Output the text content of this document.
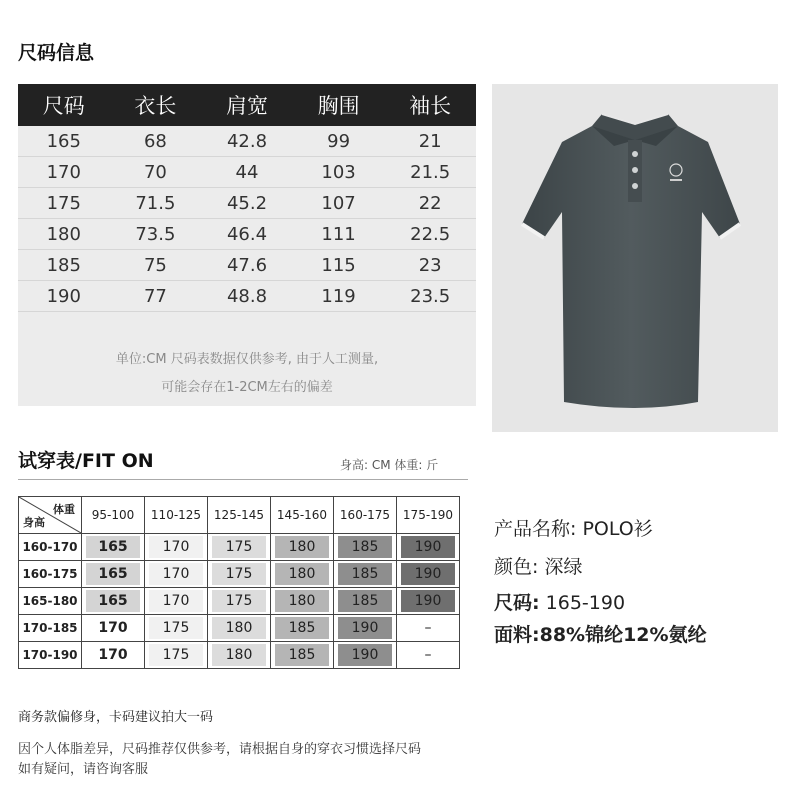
尺码信息
尺码	衣长	肩宽	胸围	袖长
165	68	42.8	99	21
170	70	44	103	21.5
175	71.5	45.2	107	22
180	73.5	46.4	111	22.5
185	75	47.6	115	23
190	77	48.8	119	23.5
单位:CM 尺码表数据仅供参考, 由于人工测量,
可能会存在1-2CM左右的偏差
试穿表/FIT ON	身高: CM 体重: 斤
体重
身高	95-100	110-125	125-145	145-160	160-175	175-190
160-170	165	170	175	180	185	190

160-175	165	170	175	180	185	190

165-180	165	170	175	180	185	190

170-185	170	175	180	185	190	–

170-190	170	175	180	185	190	–
产品名称: POLO衫
颜色: 深绿
尺码: 165-190
面料:88%锦纶12%氨纶
商务款偏修身，卡码建议拍大一码
因个人体脂差异，尺码推荐仅供参考，请根据自身的穿衣习惯选择尺码
如有疑问，请咨询客服
